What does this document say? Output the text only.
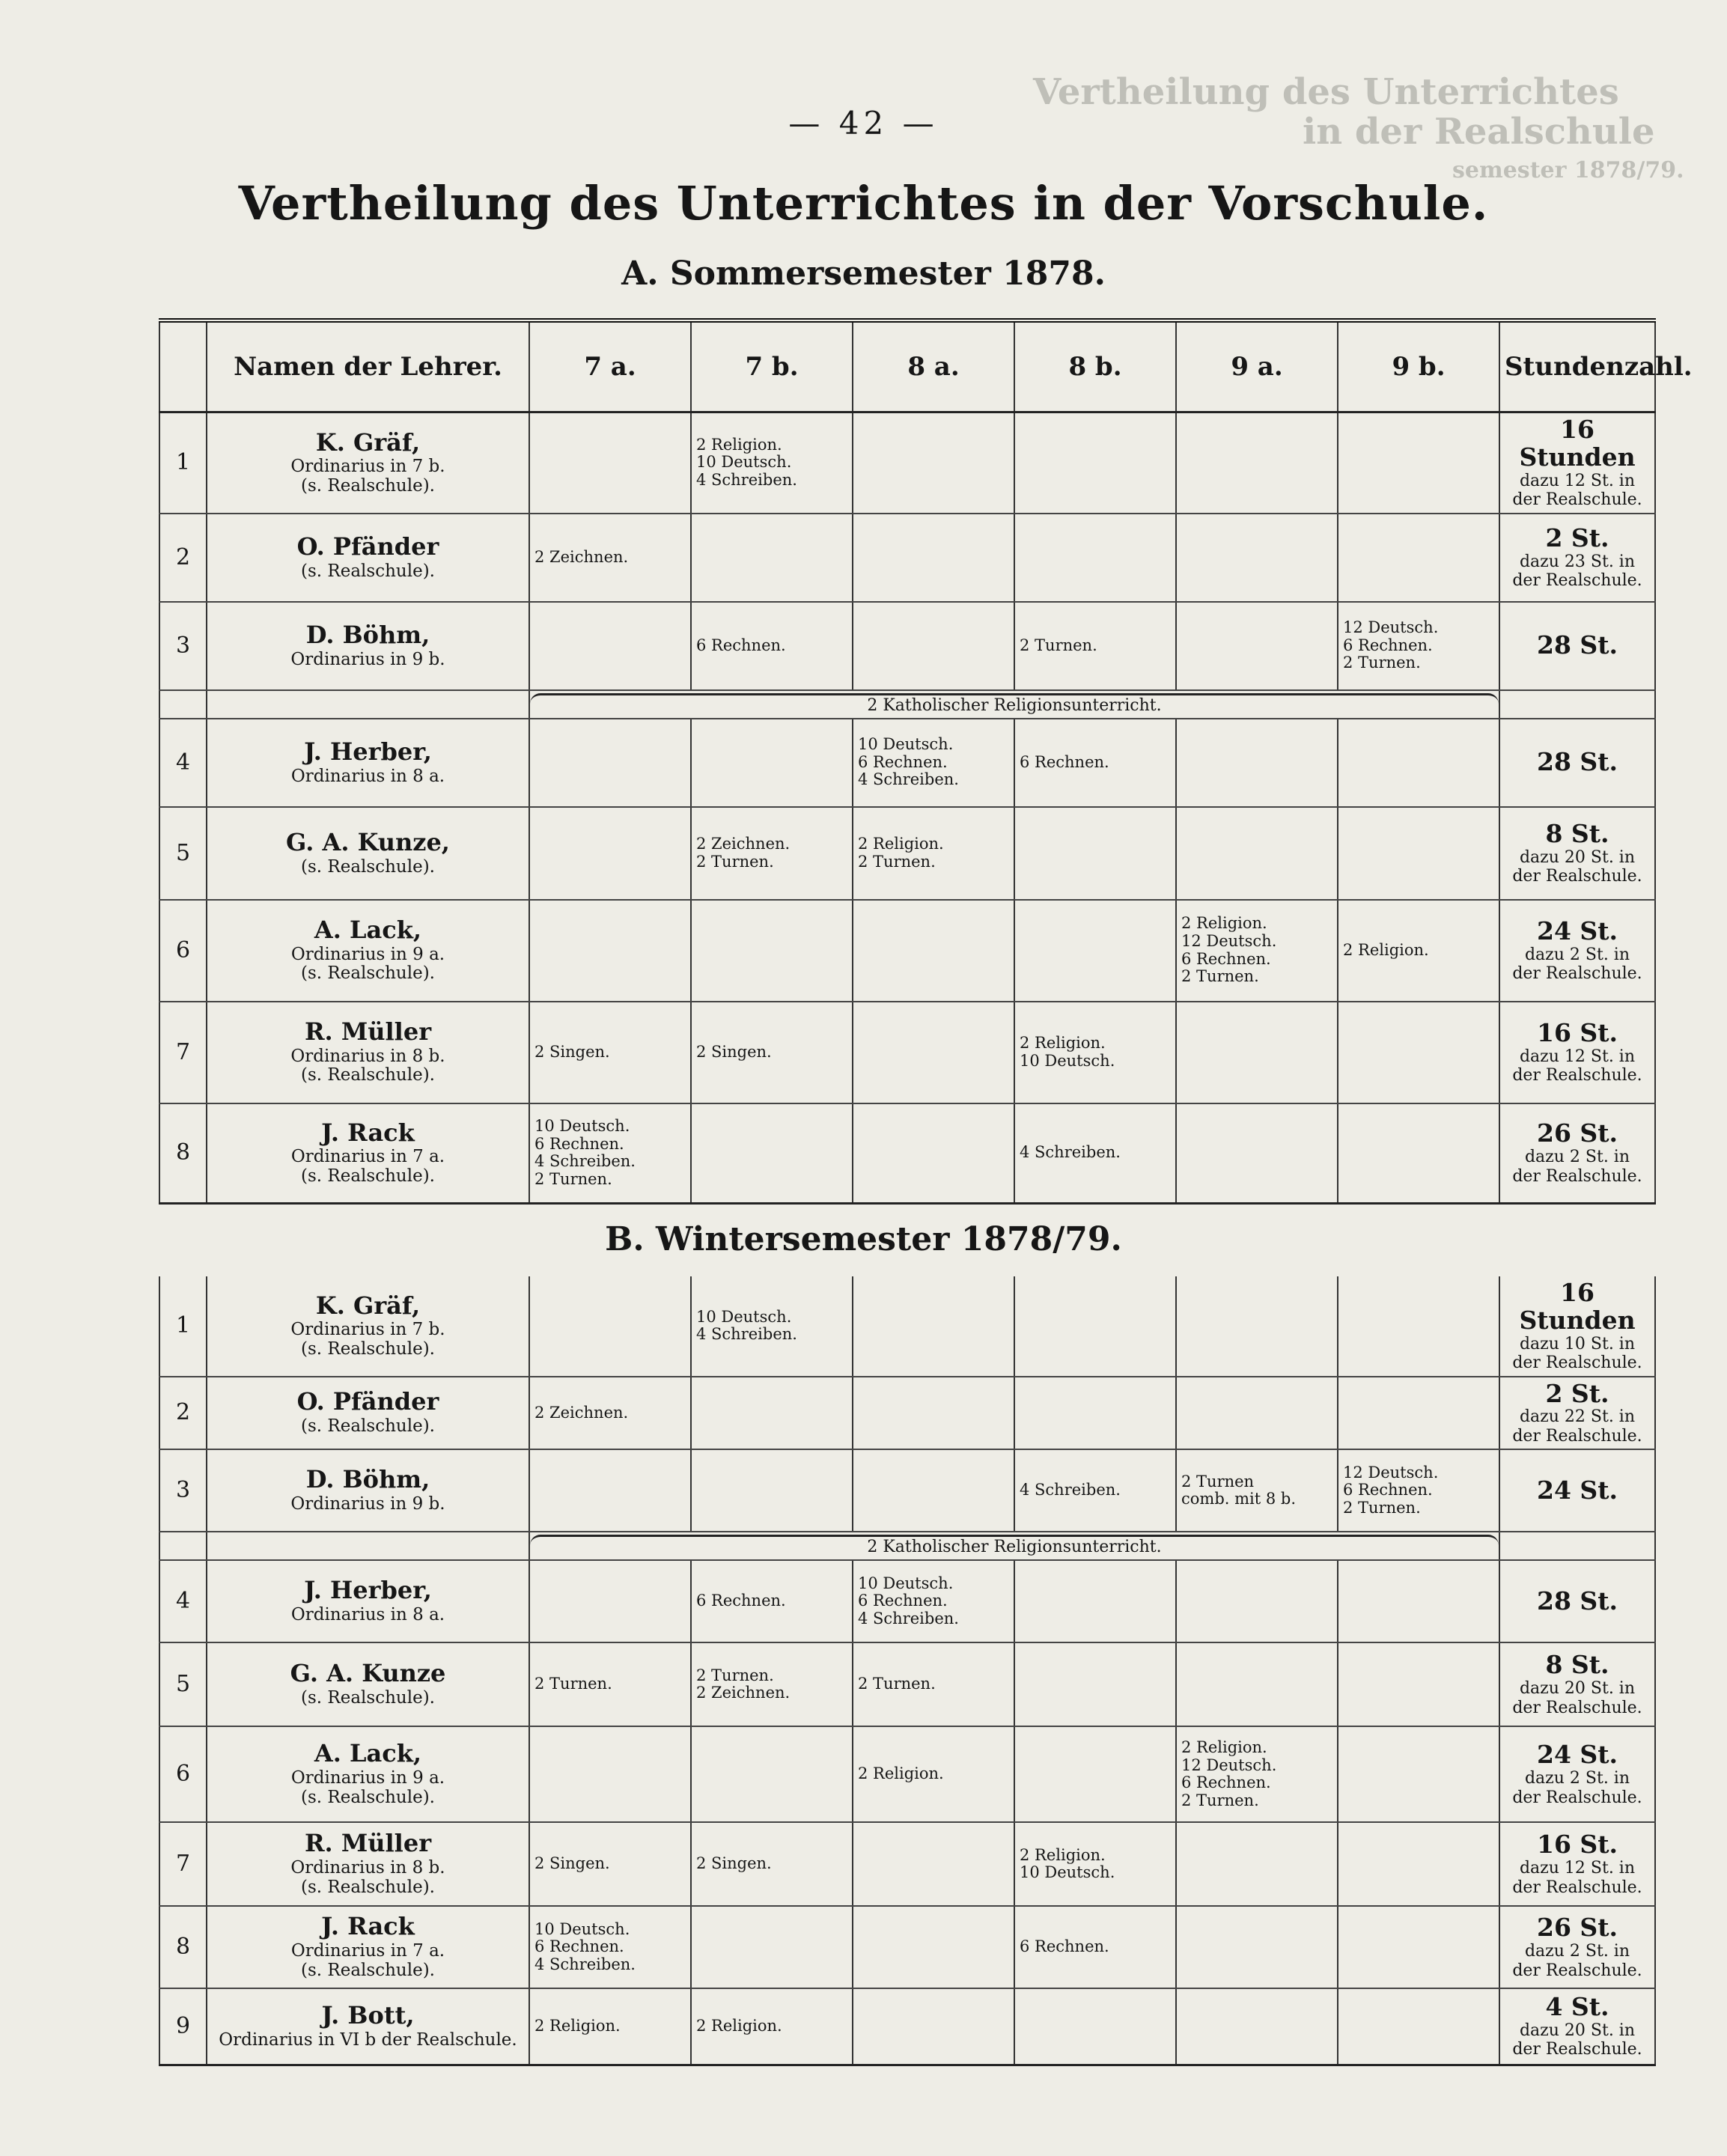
in der Realschule
Vertheilung des Unterrichtes
semester 1878/79.
— 42 —
Vertheilung des Unterrichtes in der Vorschule.
A. Sommersemester 1878.
	Namen der Lehrer.	7 a.	7 b.	8 a.	8 b.	9 a.	9 b.	Stundenzahl.
1	K. Gräf,
Ordinarius in 7 b.
(s. Realschule).		2 Religion.
10 Deutsch.
4 Schreiben.					16 Stunden
dazu 12 St. in
der Realschule.

2	O. Pfänder
(s. Realschule).	2 Zeichnen.						2 St.
dazu 23 St. in
der Realschule.

3	D. Böhm,
Ordinarius in 9 b.		6 Rechnen.		2 Turnen.		12 Deutsch.
6 Rechnen.
2 Turnen.	28 St.

		2 Katholischer Religionsunterricht.						

4	J. Herber,
Ordinarius in 8 a.			10 Deutsch.
6 Rechnen.
4 Schreiben.	6 Rechnen.			28 St.

5	G. A. Kunze,
(s. Realschule).		2 Zeichnen.
2 Turnen.	2 Religion.
2 Turnen.				8 St.
dazu 20 St. in
der Realschule.

6	A. Lack,
Ordinarius in 9 a.
(s. Realschule).					2 Religion.
12 Deutsch.
6 Rechnen.
2 Turnen.	2 Religion.	24 St.
dazu 2 St. in
der Realschule.

7	R. Müller
Ordinarius in 8 b.
(s. Realschule).	2 Singen.	2 Singen.		2 Religion.
10 Deutsch.			16 St.
dazu 12 St. in
der Realschule.

8	J. Rack
Ordinarius in 7 a.
(s. Realschule).	10 Deutsch.
6 Rechnen.
4 Schreiben.
2 Turnen.			4 Schreiben.			26 St.
dazu 2 St. in
der Realschule.
B. Wintersemester 1878/79.
1	K. Gräf,
Ordinarius in 7 b.
(s. Realschule).		10 Deutsch.
4 Schreiben.					16 Stunden
dazu 10 St. in
der Realschule.

2	O. Pfänder
(s. Realschule).	2 Zeichnen.						2 St.
dazu 22 St. in
der Realschule.

3	D. Böhm,
Ordinarius in 9 b.				4 Schreiben.	2 Turnen
comb. mit 8 b.	12 Deutsch.
6 Rechnen.
2 Turnen.	24 St.

		2 Katholischer Religionsunterricht.						

4	J. Herber,
Ordinarius in 8 a.		6 Rechnen.	10 Deutsch.
6 Rechnen.
4 Schreiben.				28 St.

5	G. A. Kunze
(s. Realschule).	2 Turnen.	2 Turnen.
2 Zeichnen.	2 Turnen.				8 St.
dazu 20 St. in
der Realschule.

6	A. Lack,
Ordinarius in 9 a.
(s. Realschule).			2 Religion.		2 Religion.
12 Deutsch.
6 Rechnen.
2 Turnen.		24 St.
dazu 2 St. in
der Realschule.

7	R. Müller
Ordinarius in 8 b.
(s. Realschule).	2 Singen.	2 Singen.		2 Religion.
10 Deutsch.			16 St.
dazu 12 St. in
der Realschule.

8	J. Rack
Ordinarius in 7 a.
(s. Realschule).	10 Deutsch.
6 Rechnen.
4 Schreiben.			6 Rechnen.			26 St.
dazu 2 St. in
der Realschule.

9	J. Bott,
Ordinarius in VI b der Realschule.	2 Religion.	2 Religion.					4 St.
dazu 20 St. in
der Realschule.
